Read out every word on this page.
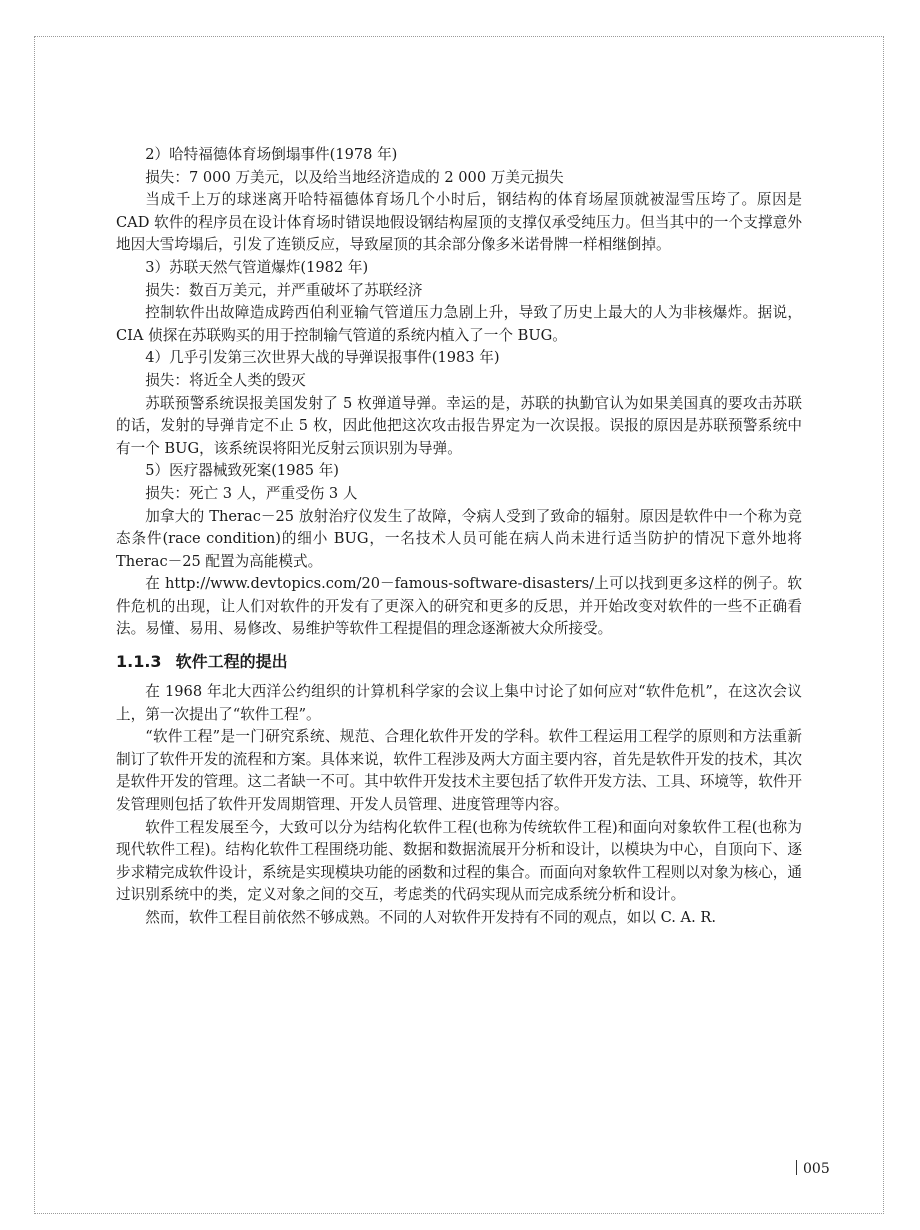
2）哈特福德体育场倒塌事件(1978 年)

损失：7 000 万美元，以及给当地经济造成的 2 000 万美元损失

当成千上万的球迷离开哈特福德体育场几个小时后，钢结构的体育场屋顶就被湿雪压垮了。原因是 CAD 软件的程序员在设计体育场时错误地假设钢结构屋顶的支撑仅承受纯压力。但当其中的一个支撑意外地因大雪垮塌后，引发了连锁反应，导致屋顶的其余部分像多米诺骨牌一样相继倒掉。

3）苏联天然气管道爆炸(1982 年)

损失：数百万美元，并严重破坏了苏联经济

控制软件出故障造成跨西伯利亚输气管道压力急剧上升，导致了历史上最大的人为非核爆炸。据说，CIA 侦探在苏联购买的用于控制输气管道的系统内植入了一个 BUG。

4）几乎引发第三次世界大战的导弹误报事件(1983 年)

损失：将近全人类的毁灭

苏联预警系统误报美国发射了 5 枚弹道导弹。幸运的是，苏联的执勤官认为如果美国真的要攻击苏联的话，发射的导弹肯定不止 5 枚，因此他把这次攻击报告界定为一次误报。误报的原因是苏联预警系统中有一个 BUG，该系统误将阳光反射云顶识别为导弹。

5）医疗器械致死案(1985 年)

损失：死亡 3 人，严重受伤 3 人

加拿大的 Therac－25 放射治疗仪发生了故障，令病人受到了致命的辐射。原因是软件中一个称为竞态条件(race condition)的细小 BUG，一名技术人员可能在病人尚未进行适当防护的情况下意外地将 Therac－25 配置为高能模式。

在 http://www.devtopics.com/20－famous-software-disasters/上可以找到更多这样的例子。软件危机的出现，让人们对软件的开发有了更深入的研究和更多的反思，并开始改变对软件的一些不正确看法。易懂、易用、易修改、易维护等软件工程提倡的理念逐渐被大众所接受。

1.1.3 软件工程的提出

在 1968 年北大西洋公约组织的计算机科学家的会议上集中讨论了如何应对“软件危机”，在这次会议上，第一次提出了“软件工程”。

“软件工程”是一门研究系统、规范、合理化软件开发的学科。软件工程运用工程学的原则和方法重新制订了软件开发的流程和方案。具体来说，软件工程涉及两大方面主要内容，首先是软件开发的技术，其次是软件开发的管理。这二者缺一不可。其中软件开发技术主要包括了软件开发方法、工具、环境等，软件开发管理则包括了软件开发周期管理、开发人员管理、进度管理等内容。

软件工程发展至今，大致可以分为结构化软件工程(也称为传统软件工程)和面向对象软件工程(也称为现代软件工程)。结构化软件工程围绕功能、数据和数据流展开分析和设计，以模块为中心，自顶向下、逐步求精完成软件设计，系统是实现模块功能的函数和过程的集合。而面向对象软件工程则以对象为核心，通过识别系统中的类，定义对象之间的交互，考虑类的代码实现从而完成系统分析和设计。

然而，软件工程目前依然不够成熟。不同的人对软件开发持有不同的观点，如以 C. A. R.

005
